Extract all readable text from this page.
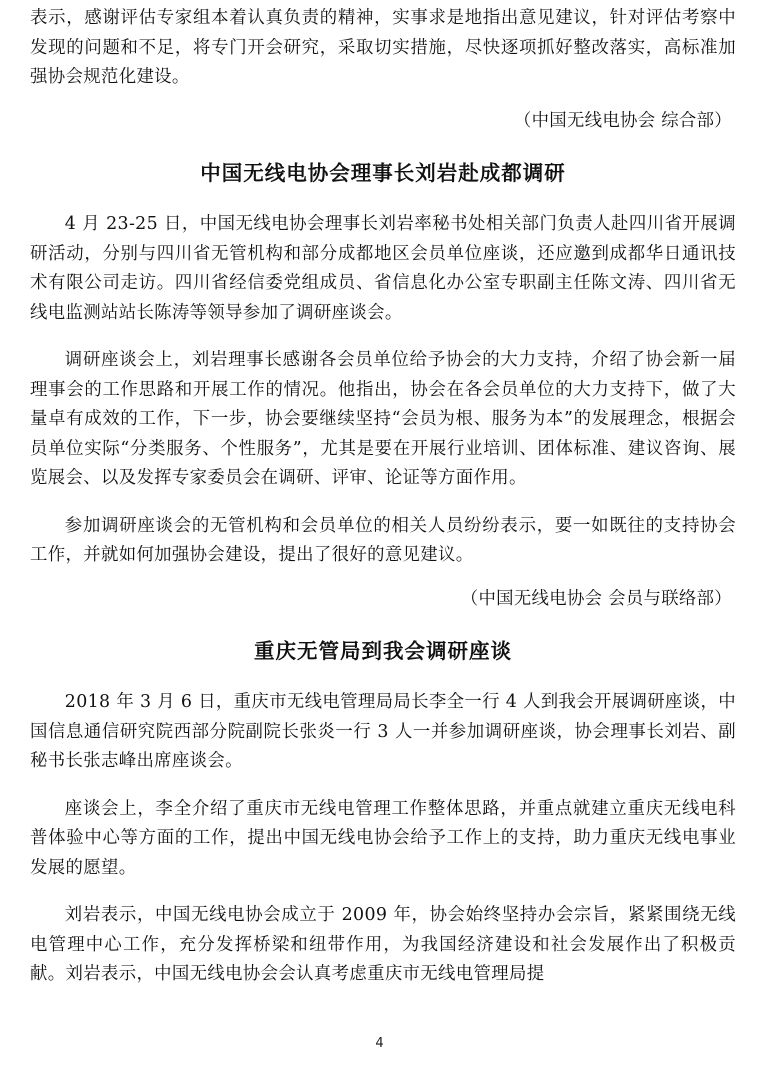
表示，感谢评估专家组本着认真负责的精神，实事求是地指出意见建议，针对评估考察中发现的问题和不足，将专门开会研究，采取切实措施，尽快逐项抓好整改落实，高标准加强协会规范化建设。

（中国无线电协会 综合部）

中国无线电协会理事长刘岩赴成都调研

4 月 23-25 日，中国无线电协会理事长刘岩率秘书处相关部门负责人赴四川省开展调研活动，分别与四川省无管机构和部分成都地区会员单位座谈，还应邀到成都华日通讯技术有限公司走访。四川省经信委党组成员、省信息化办公室专职副主任陈文涛、四川省无线电监测站站长陈涛等领导参加了调研座谈会。

调研座谈会上，刘岩理事长感谢各会员单位给予协会的大力支持，介绍了协会新一届理事会的工作思路和开展工作的情况。他指出，协会在各会员单位的大力支持下，做了大量卓有成效的工作，下一步，协会要继续坚持“会员为根、服务为本”的发展理念，根据会员单位实际“分类服务、个性服务”，尤其是要在开展行业培训、团体标准、建议咨询、展览展会、以及发挥专家委员会在调研、评审、论证等方面作用。

参加调研座谈会的无管机构和会员单位的相关人员纷纷表示，要一如既往的支持协会工作，并就如何加强协会建设，提出了很好的意见建议。

（中国无线电协会 会员与联络部）

重庆无管局到我会调研座谈

2018 年 3 月 6 日，重庆市无线电管理局局长李全一行 4 人到我会开展调研座谈，中国信息通信研究院西部分院副院长张炎一行 3 人一并参加调研座谈，协会理事长刘岩、副秘书长张志峰出席座谈会。

座谈会上，李全介绍了重庆市无线电管理工作整体思路，并重点就建立重庆无线电科普体验中心等方面的工作，提出中国无线电协会给予工作上的支持，助力重庆无线电事业发展的愿望。

刘岩表示，中国无线电协会成立于 2009 年，协会始终坚持办会宗旨，紧紧围绕无线电管理中心工作，充分发挥桥梁和纽带作用，为我国经济建设和社会发展作出了积极贡献。刘岩表示，中国无线电协会会认真考虑重庆市无线电管理局提

4
